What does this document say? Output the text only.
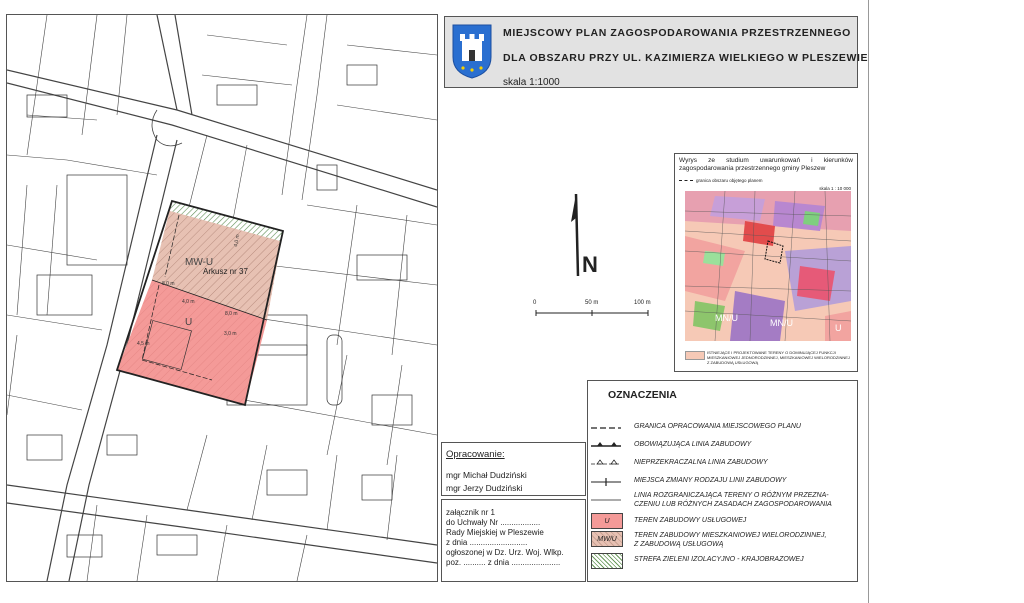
MW-U
Arkusz nr 37
U
8,0 m
4,0 m
8,0 m
4,0 m
3,0 m
4,5 m
MIEJSCOWY PLAN ZAGOSPODAROWANIA PRZESTRZENNEGO
DLA OBSZARU PRZY UL. KAZIMIERZA WIELKIEGO W PLESZEWIE
skala 1:1000
N
0	50 m	100 m
Wyrys ze studium uwarunkowań i kierunków zagospodarowania przestrzennego gminy Pleszew
granica obszaru objętego planem
skala 1 : 10 000
MN/U	MN/U	U
ISTNIEJĄCE I PROJEKTOWANE TERENY O DOMINUJĄCEJ FUNKCJI MIESZKANIOWEJ JEDNORODZINNEJ, MIESZKANIOWEJ WIELORODZINNEJ Z ZABUDOWĄ USŁUGOWĄ
OZNACZENIA
GRANICA OPRACOWANIA MIEJSCOWEGO PLANU
OBOWIĄZUJĄCA LINIA ZABUDOWY
NIEPRZEKRACZALNA LINIA ZABUDOWY
MIEJSCA ZMIANY RODZAJU LINII ZABUDOWY
LINIA ROZGRANICZAJĄCA TERENY O RÓŻNYM PRZEZNA-
CZENIU LUB RÓŻNYCH ZASADACH ZAGOSPODAROWANIA
U	TEREN ZABUDOWY USŁUGOWEJ
MW/U	TEREN ZABUDOWY MIESZKANIOWEJ WIELORODZINNEJ,
Z ZABUDOWĄ USŁUGOWĄ
STREFA ZIELENI IZOLACYJNO - KRAJOBRAZOWEJ
Opracowanie:
mgr Michał Dudziński
mgr Jerzy Dudziński
załącznik nr 1
do Uchwały Nr ..................
Rady Miejskiej w Pleszewie
z dnia ..........................
ogłoszonej w Dz. Urz. Woj. Wlkp.
poz. .......... z dnia ......................
